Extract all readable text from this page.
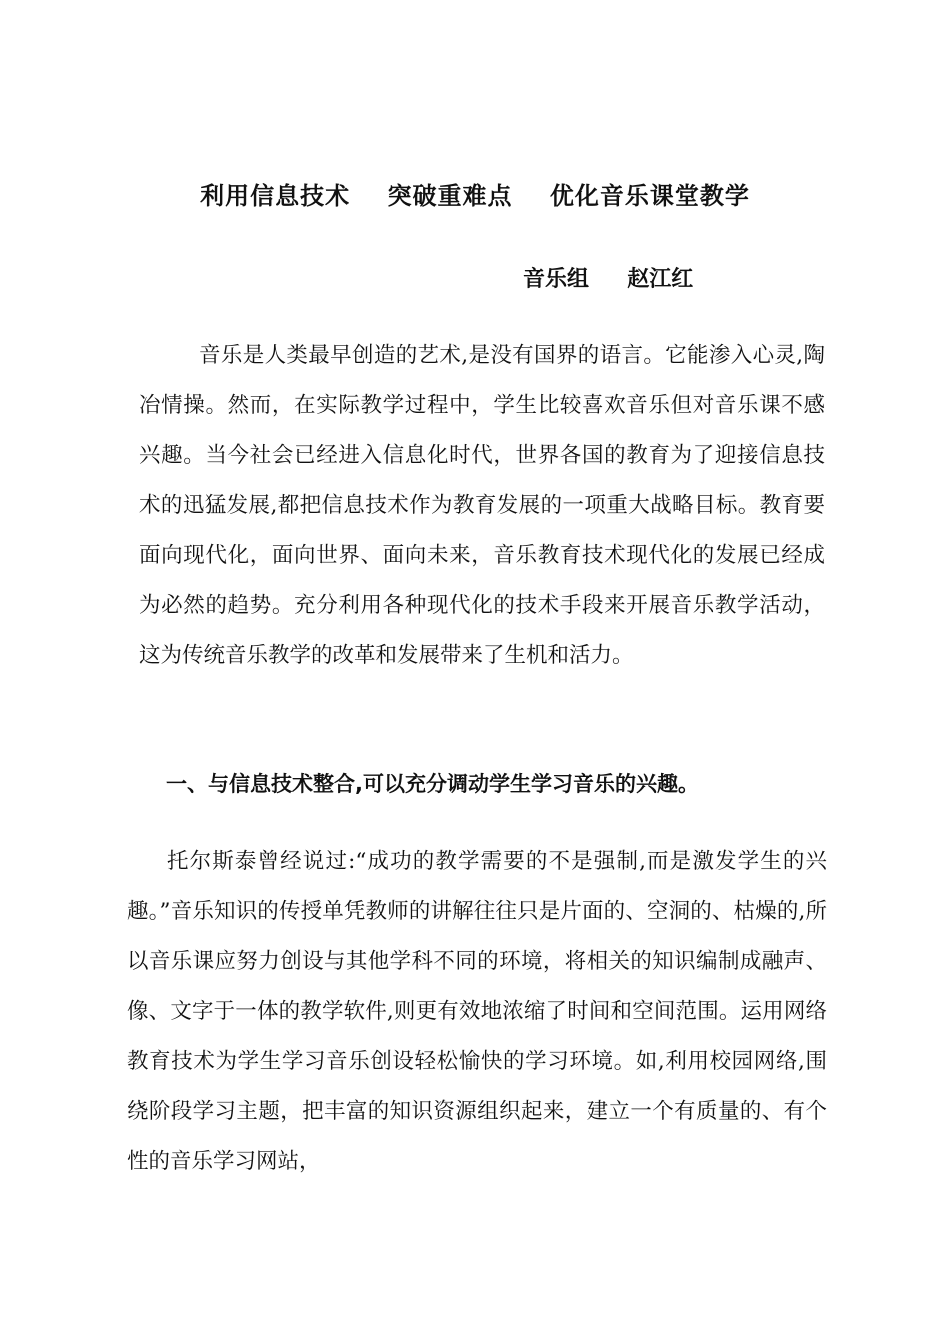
利用信息技术    突破重难点    优化音乐课堂教学

音乐组     赵江红

音乐是人类最早创造的艺术,是没有国界的语言。它能渗入心灵,陶冶情操。然而，在实际教学过程中，学生比较喜欢音乐但对音乐课不感兴趣。当今社会已经进入信息化时代，世界各国的教育为了迎接信息技术的迅猛发展,都把信息技术作为教育发展的一项重大战略目标。教育要面向现代化，面向世界、面向未来，音乐教育技术现代化的发展已经成为必然的趋势。充分利用各种现代化的技术手段来开展音乐教学活动，这为传统音乐教学的改革和发展带来了生机和活力。

一、与信息技术整合,可以充分调动学生学习音乐的兴趣。

托尔斯泰曾经说过:“成功的教学需要的不是强制,而是激发学生的兴趣。”音乐知识的传授单凭教师的讲解往往只是片面的、空洞的、枯燥的,所以音乐课应努力创设与其他学科不同的环境，将相关的知识编制成融声、像、文字于一体的教学软件,则更有效地浓缩了时间和空间范围。运用网络教育技术为学生学习音乐创设轻松愉快的学习环境。如,利用校园网络,围绕阶段学习主题，把丰富的知识资源组织起来，建立一个有质量的、有个性的音乐学习网站，
